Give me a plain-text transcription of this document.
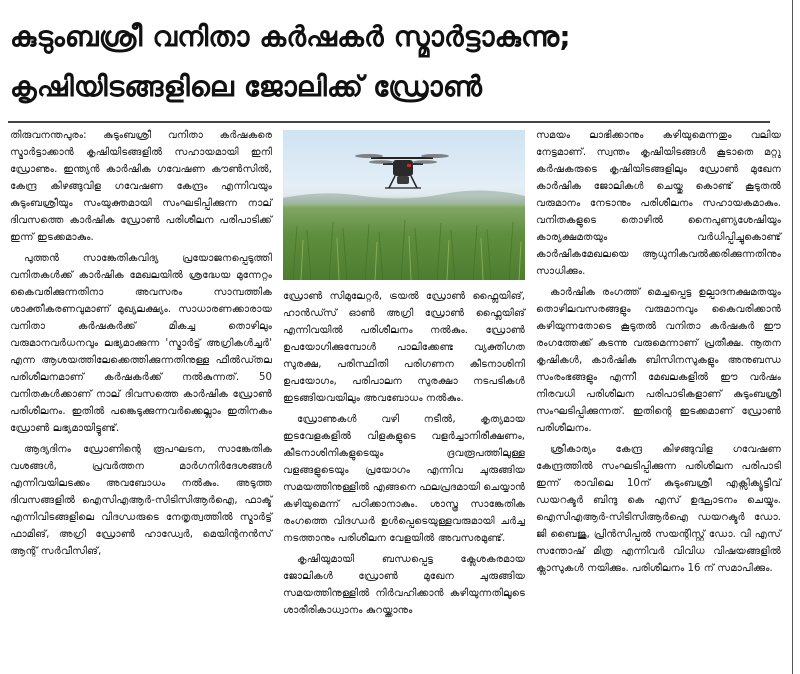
കുടുംബശ്രീ വനിതാ കർഷകർ സ്മാർട്ടാകുന്നു;
കൃഷിയിടങ്ങളിലെ ജോലിക്ക് ഡ്രോൺ

തിരുവനന്തപുരം: കുടുംബശ്രീ വനിതാ കർഷകരെ സ്മാർട്ടാക്കാൻ കൃഷിയിടങ്ങളിൽ സഹായമായി ഇനി ഡ്രോണും. ഇന്ത്യൻ കാർഷിക ഗവേഷണ കൗൺസിൽ, കേന്ദ്ര കിഴങ്ങുവിള ഗവേഷണ കേന്ദ്രം എന്നിവയും കുടുംബശ്രീയും സംയുക്തമായി സംഘടിപ്പിക്കുന്ന നാല് ദിവസത്തെ കാർഷിക ഡ്രോൺ പരിശീലന പരിപാടിക്ക് ഇന്ന് ഇടക്കമാകും.

പുത്തൻ സാങ്കേതികവിദ്യ പ്രയോജനപ്പെടുത്തി വനിതകൾക്ക് കാർഷിക മേഖലയിൽ ശ്രദ്ധേയ മുന്നേറ്റം കൈവരിക്കുന്നതിനാ അവസരം സാമ്പത്തിക ശാക്തീകരണവുമാണ് മുഖ്യലക്ഷ്യം. സാധാരണക്കാരായ വനിതാ കർഷകർക്ക് മികച്ച തൊഴിലും വരുമാനവർധനവും ലഭ്യമാക്കുന്ന 'സ്മാർട്ട് അഗ്രികൾച്ചർ' എന്ന ആശയത്തിലേക്കെത്തിക്കുന്നതിനുള്ള ഫീൽഡ്തല പരിശീലനമാണ് കർഷകർക്ക് നൽകുന്നത്. 50 വനിതകൾക്കാണ് നാല് ദിവസത്തെ കാർഷിക ഡ്രോൺ പരിശീലനം. ഇതിൽ പങ്കെടുക്കുന്നവർക്കെല്ലാം ഇതിനകം ഡ്രോൺ ലഭ്യമായിട്ടുണ്ട്.

ആദ്യദിനം ഡ്രോണിന്റെ രൂപഘടന, സാങ്കേതിക വശങ്ങൾ, പ്രവർത്തന മാർഗനിർദേശങ്ങൾ എന്നിവയിലടക്കം അവബോധം നൽകും. അടുത്ത ദിവസങ്ങളിൽ ഐസിഎആർ-സിടിസിആർഐ, ഫാക്ട് എന്നിവിടങ്ങളിലെ വിദഗ്ധരുടെ നേതൃത്വത്തിൽ സ്മാർട്ട് ഫാമിങ്, അഗ്രി ഡ്രോൺ ഹാഡ്വേർ, മെയിന്റനൻസ് ആന്റ് സർവീസിങ്,

ഡ്രോൺ സിമുലേറ്റർ, ട്രയൽ ഡ്രോൺ ഫ്ലൈയിങ്, ഹാൻഡ്സ് ഓൺ അഗ്രി ഡ്രോൺ ഫ്ലൈയിങ് എന്നിവയിൽ പരിശീലനം നൽകും. ഡ്രോൺ ഉപയോഗിക്കുമ്പോൾ പാലിക്കേണ്ട വ്യക്തിഗത സുരക്ഷ, പരിസ്ഥിതി പരിഗണന കീടനാശിനി ഉപയോഗം, പരിപാലന സുരക്ഷാ നടപടികൾ ഇടങ്ങിയവയിലും അവബോധം നൽകും.

ഡ്രോണുകൾ വഴി നടീൽ, കൃത്യമായ ഇടവേളകളിൽ വിളകളുടെ വളർച്ചാനിരീക്ഷണം, കീടനാശിനികളുടെയും ദ്രവരൂപത്തിലുള്ള വളങ്ങളുടെയും പ്രയോഗം എന്നിവ ചുരുങ്ങിയ സമയത്തിനുള്ളിൽ എങ്ങനെ ഫലപ്രദമായി ചെയ്യാൻ കഴിയുമെന്ന് പഠിക്കാനാകും. ശാസ്ത്ര സാങ്കേതിക രംഗത്തെ വിദഗ്ധർ ഉൾപ്പെടെയുള്ളവരുമായി ചർച്ച നടത്താനും പരിശീലന വേളയിൽ അവസരമുണ്ട്.

കൃഷിയുമായി ബന്ധപ്പെട്ട ക്ലേശകരമായ ജോലികൾ ഡ്രോൺ മുഖേന ചുരുങ്ങിയ സമയത്തിനുള്ളിൽ നിർവഹിക്കാൻ കഴിയുന്നതിലൂടെ ശാരീരികാധ്വാനം കുറയ്ക്കാനും

സമയം ലാഭിക്കാനും കഴിയുമെന്നതും വലിയ നേട്ടമാണ്. സ്വന്തം കൃഷിയിടങ്ങൾ കൂടാതെ മറ്റു കർഷകരുടെ കൃഷിയിടങ്ങളിലും ഡ്രോൺ മുഖേന കാർഷിക ജോലികൾ ചെയ്തു കൊണ്ട് കൂടുതൽ വരുമാനം നേടാനും പരിശീലനം സഹായകമാകും. വനിതകളുടെ തൊഴിൽ നൈപുണ്യശേഷിയും കാര്യക്ഷമതയും വർധിപ്പിച്ചുകൊണ്ട് കാർഷികമേഖലയെ ആധുനികവൽക്കരിക്കുന്നതിനും സാധിക്കും.

കാർഷിക രംഗത്ത് മെച്ചപ്പെട്ട ഉല്പാദനക്ഷമതയും തൊഴിലവസരങ്ങളും വരുമാനവും കൈവരിക്കാൻ കഴിയുന്നതോടെ കൂടുതൽ വനിതാ കർഷകർ ഈ രംഗത്തേക്ക് കടന്നു വരുമെന്നാണ് പ്രതീക്ഷ. നൂതന കൃഷികൾ, കാർഷിക ബിസിനസുകളും അനുബന്ധ സംരംഭങ്ങളും എന്നീ മേഖലകളിൽ ഈ വർഷം നിരവധി പരിശീലന പരിപാടികളാണ് കുടുംബശ്രീ സംഘടിപ്പിക്കുന്നത്. ഇതിന്റെ ഇടക്കമാണ് ഡ്രോൺ പരിശീലനം.

ശ്രീകാര്യം കേന്ദ്ര കിഴങ്ങുവിള ഗവേഷണ കേന്ദ്രത്തിൽ സംഘടിപ്പിക്കുന്ന പരിശീലന പരിപാടി ഇന്ന് രാവിലെ 10ന് കുടുംബശ്രീ എക്സിക്യൂട്ടീവ് ഡയറക്ടർ ബിന്ദു കെ എസ് ഉദ്ഘാടനം ചെയ്യും. ഐസിഎആർ-സിടിസിആർഐ ഡയറക്ടർ ഡോ. ജി ബൈജു, പ്രിൻസിപ്പൽ സയന്റിസ്റ്റ് ഡോ. വി എസ് സന്തോഷ് മിത്ര എന്നിവർ വിവിധ വിഷയങ്ങളിൽ ക്ലാസുകൾ നയിക്കും. പരിശീലനം 16 ന് സമാപിക്കും.
